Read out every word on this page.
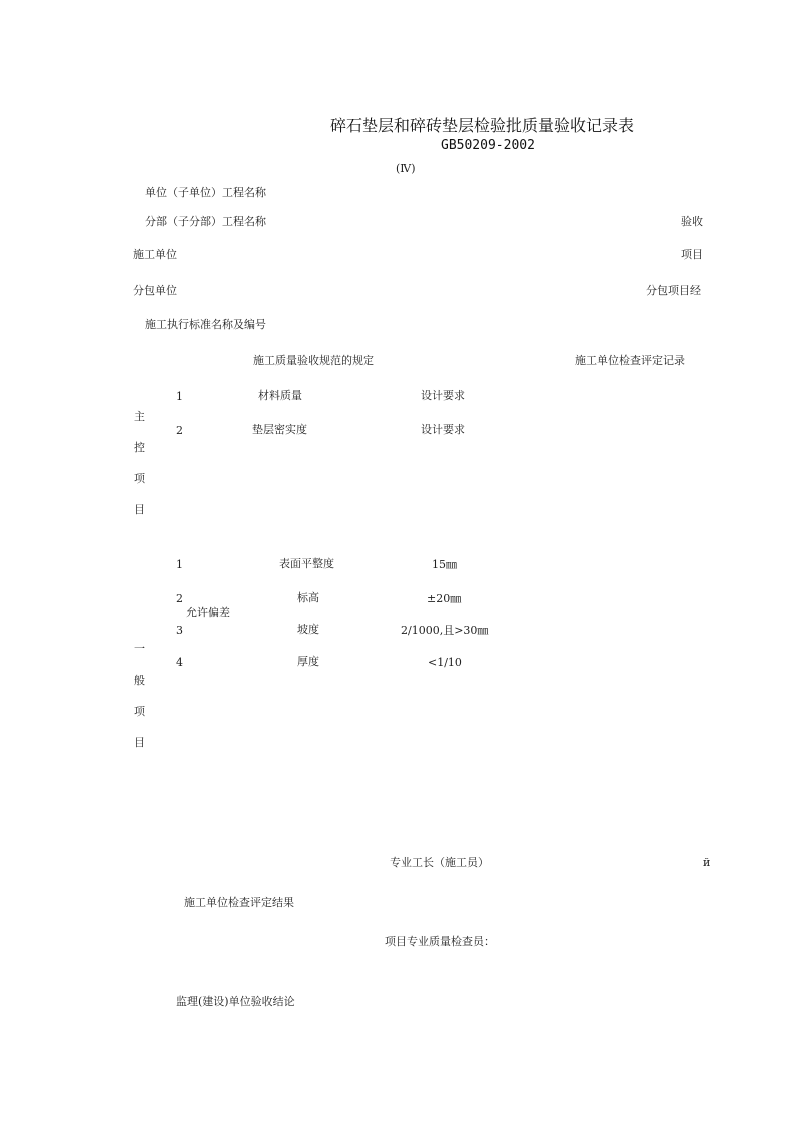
碎石垫层和碎砖垫层检验批质量验收记录表
GB50209-2002
(Ⅳ)
单位（子单位）工程名称
分部（子分部）工程名称	验收
施工单位	项目
分包单位	分包项目经
施工执行标准名称及编号
施工质量验收规范的规定	施工单位检查评定记录
主
控
项
目
1	材料质量	设计要求
2	垫层密实度	设计要求
一
般
项
目
允许偏差
1	表面平整度	15㎜
2	标高	±20㎜
3	坡度	2/1000,且>30㎜
4	厚度	<1/10
专业工长（施工员）	й
施工单位检查评定结果
项目专业质量检查员：
监理(建设)单位验收结论
